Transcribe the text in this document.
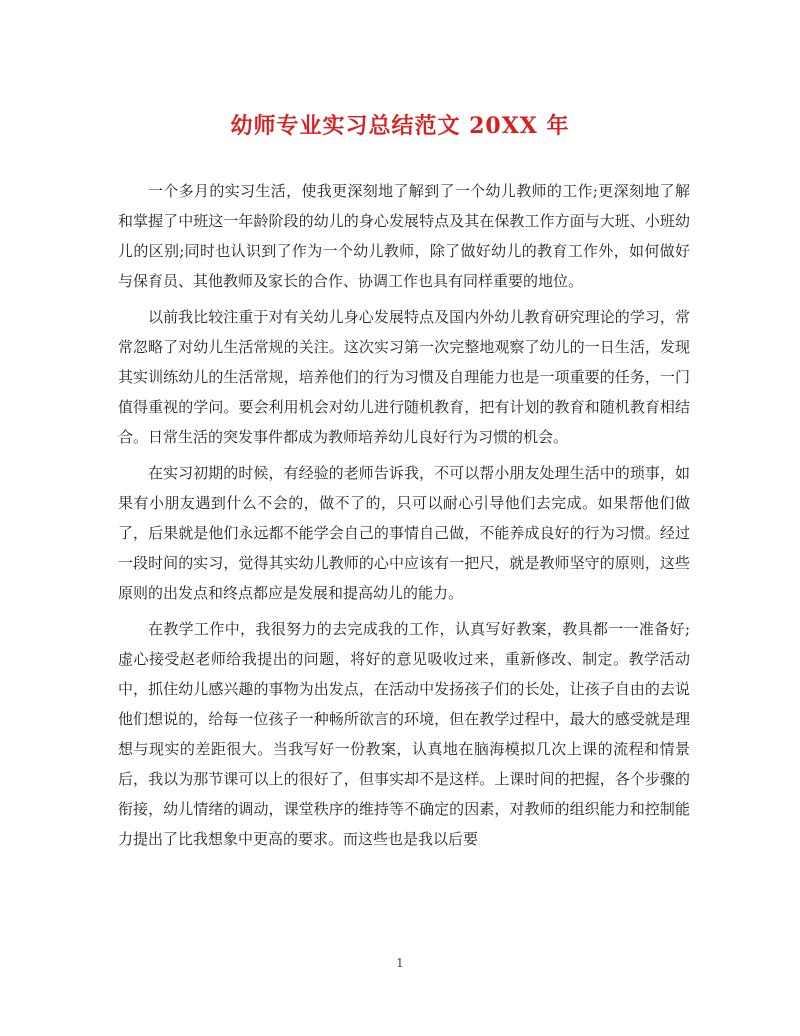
幼师专业实习总结范文 20XX 年

一个多月的实习生活，使我更深刻地了解到了一个幼儿教师的工作;更深刻地了解和掌握了中班这一年龄阶段的幼儿的身心发展特点及其在保教工作方面与大班、小班幼儿的区别;同时也认识到了作为一个幼儿教师，除了做好幼儿的教育工作外，如何做好与保育员、其他教师及家长的合作、协调工作也具有同样重要的地位。

以前我比较注重于对有关幼儿身心发展特点及国内外幼儿教育研究理论的学习，常常忽略了对幼儿生活常规的关注。这次实习第一次完整地观察了幼儿的一日生活，发现其实训练幼儿的生活常规，培养他们的行为习惯及自理能力也是一项重要的任务，一门值得重视的学问。要会利用机会对幼儿进行随机教育，把有计划的教育和随机教育相结合。日常生活的突发事件都成为教师培养幼儿良好行为习惯的机会。

在实习初期的时候，有经验的老师告诉我，不可以帮小朋友处理生活中的琐事，如果有小朋友遇到什么不会的，做不了的，只可以耐心引导他们去完成。如果帮他们做了，后果就是他们永远都不能学会自己的事情自己做，不能养成良好的行为习惯。经过一段时间的实习，觉得其实幼儿教师的心中应该有一把尺，就是教师坚守的原则，这些原则的出发点和终点都应是发展和提高幼儿的能力。

在教学工作中，我很努力的去完成我的工作，认真写好教案，教具都一一准备好;虚心接受赵老师给我提出的问题，将好的意见吸收过来，重新修改、制定。教学活动中，抓住幼儿感兴趣的事物为出发点，在活动中发扬孩子们的长处，让孩子自由的去说他们想说的，给每一位孩子一种畅所欲言的环境，但在教学过程中，最大的感受就是理想与现实的差距很大。当我写好一份教案，认真地在脑海模拟几次上课的流程和情景后，我以为那节课可以上的很好了，但事实却不是这样。上课时间的把握，各个步骤的衔接，幼儿情绪的调动，课堂秩序的维持等不确定的因素，对教师的组织能力和控制能力提出了比我想象中更高的要求。而这些也是我以后要

1
